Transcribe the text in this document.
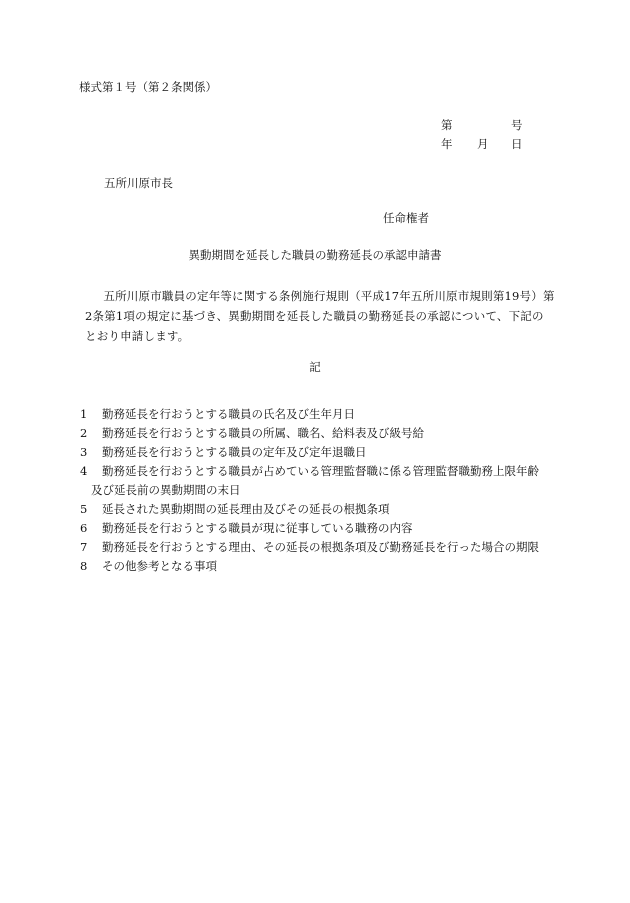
様式第１号（第２条関係）
第	号
年 月 日
五所川原市長
任命権者
異動期間を延長した職員の勤務延長の承認申請書
五所川原市職員の定年等に関する条例施行規則（平成17年五所川原市規則第19号）第2条第1項の規定に基づき、異動期間を延長した職員の勤務延長の承認について、下記のとおり申請します。
記
1 勤務延長を行おうとする職員の氏名及び生年月日
2 勤務延長を行おうとする職員の所属、職名、給料表及び級号給
3 勤務延長を行おうとする職員の定年及び定年退職日
4 勤務延長を行おうとする職員が占めている管理監督職に係る管理監督職勤務上限年齢
及び延長前の異動期間の末日
5 延長された異動期間の延長理由及びその延長の根拠条項
6 勤務延長を行おうとする職員が現に従事している職務の内容
7 勤務延長を行おうとする理由、その延長の根拠条項及び勤務延長を行った場合の期限
8 その他参考となる事項
